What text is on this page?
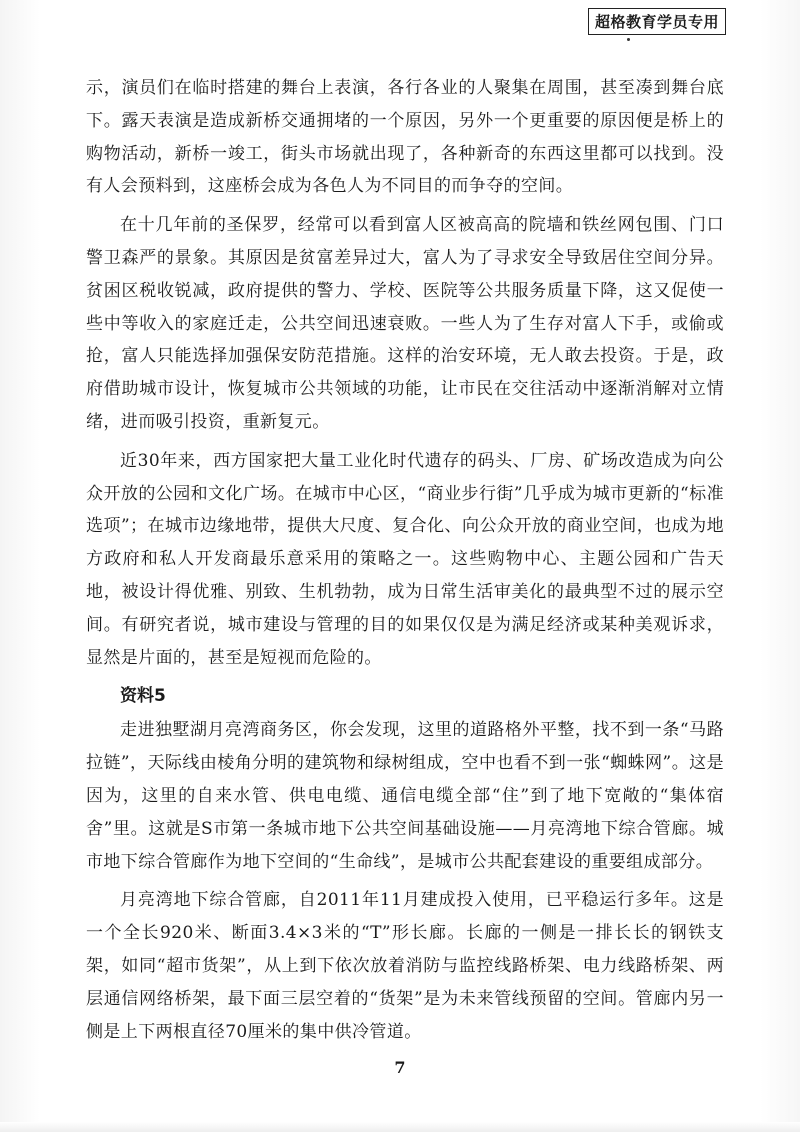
超格教育学员专用

示，演员们在临时搭建的舞台上表演，各行各业的人聚集在周围，甚至凑到舞台底下。露天表演是造成新桥交通拥堵的一个原因，另外一个更重要的原因便是桥上的购物活动，新桥一竣工，街头市场就出现了，各种新奇的东西这里都可以找到。没有人会预料到，这座桥会成为各色人为不同目的而争夺的空间。

在十几年前的圣保罗，经常可以看到富人区被高高的院墙和铁丝网包围、门口警卫森严的景象。其原因是贫富差异过大，富人为了寻求安全导致居住空间分异。贫困区税收锐减，政府提供的警力、学校、医院等公共服务质量下降，这又促使一些中等收入的家庭迁走，公共空间迅速衰败。一些人为了生存对富人下手，或偷或抢，富人只能选择加强保安防范措施。这样的治安环境，无人敢去投资。于是，政府借助城市设计，恢复城市公共领域的功能，让市民在交往活动中逐渐消解对立情绪，进而吸引投资，重新复元。

近30年来，西方国家把大量工业化时代遗存的码头、厂房、矿场改造成为向公众开放的公园和文化广场。在城市中心区，“商业步行街”几乎成为城市更新的“标准选项”；在城市边缘地带，提供大尺度、复合化、向公众开放的商业空间，也成为地方政府和私人开发商最乐意采用的策略之一。这些购物中心、主题公园和广告天地，被设计得优雅、别致、生机勃勃，成为日常生活审美化的最典型不过的展示空间。有研究者说，城市建设与管理的目的如果仅仅是为满足经济或某种美观诉求，显然是片面的，甚至是短视而危险的。

资料5

走进独墅湖月亮湾商务区，你会发现，这里的道路格外平整，找不到一条“马路拉链”，天际线由棱角分明的建筑物和绿树组成，空中也看不到一张“蜘蛛网”。这是因为，这里的自来水管、供电电缆、通信电缆全部“住”到了地下宽敞的“集体宿舍”里。这就是S市第一条城市地下公共空间基础设施——月亮湾地下综合管廊。城市地下综合管廊作为地下空间的“生命线”，是城市公共配套建设的重要组成部分。

月亮湾地下综合管廊，自2011年11月建成投入使用，已平稳运行多年。这是一个全长920米、断面3.4×3米的“T”形长廊。长廊的一侧是一排长长的钢铁支架，如同“超市货架”，从上到下依次放着消防与监控线路桥架、电力线路桥架、两层通信网络桥架，最下面三层空着的“货架”是为未来管线预留的空间。管廊内另一侧是上下两根直径70厘米的集中供冷管道。

7
